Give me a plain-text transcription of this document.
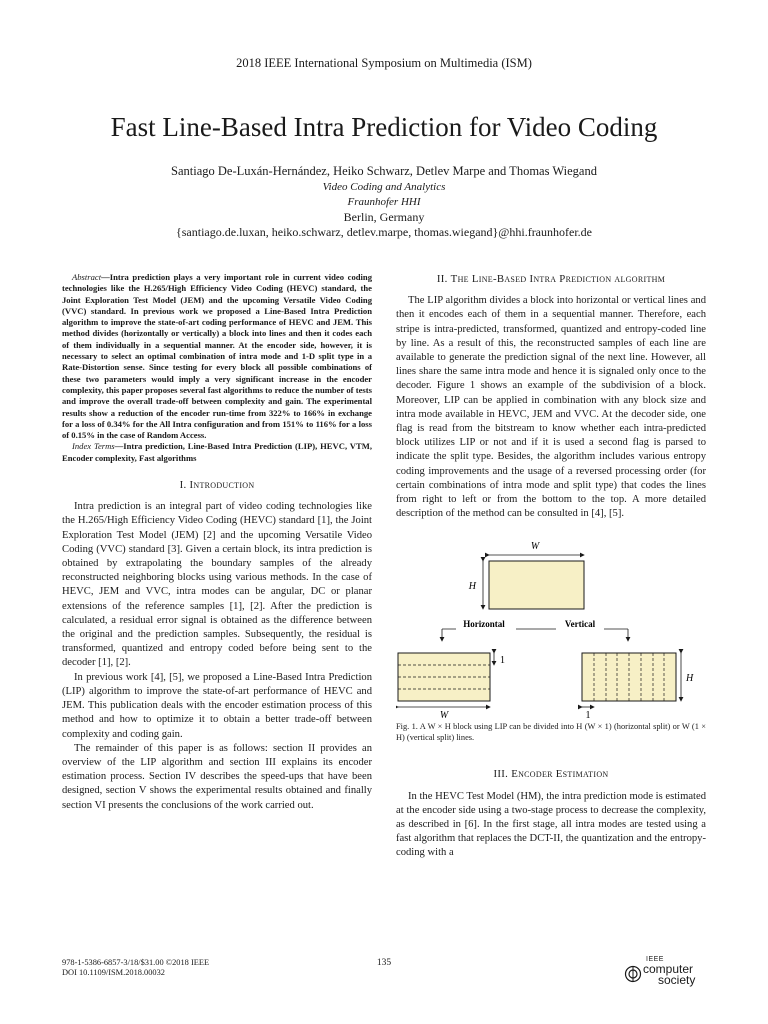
2018 IEEE International Symposium on Multimedia (ISM)
Fast Line-Based Intra Prediction for Video Coding
Santiago De-Luxán-Hernández, Heiko Schwarz, Detlev Marpe and Thomas Wiegand
Video Coding and Analytics
Fraunhofer HHI
Berlin, Germany
{santiago.de.luxan, heiko.schwarz, detlev.marpe, thomas.wiegand}@hhi.fraunhofer.de

Abstract—Intra prediction plays a very important role in current video coding technologies like the H.265/High Efficiency Video Coding (HEVC) standard, the Joint Exploration Test Model (JEM) and the upcoming Versatile Video Coding (VVC) standard. In previous work we proposed a Line-Based Intra Prediction algorithm to improve the state-of-art coding performance of HEVC and JEM. This method divides (horizontally or vertically) a block into lines and then it codes each of them individually in a sequential manner. At the encoder side, however, it is necessary to select an optimal combination of intra mode and 1-D split type in a Rate-Distortion sense. Since testing for every block all possible combinations of these two parameters would imply a very significant increase in the encoder complexity, this paper proposes several fast algorithms to reduce the number of tests and improve the overall trade-off between complexity and gain. The experimental results show a reduction of the encoder run-time from 322% to 166% in exchange for a loss of 0.34% for the All Intra configuration and from 151% to 116% for a loss of 0.15% in the case of Random Access.

Index Terms—Intra prediction, Line-Based Intra Prediction (LIP), HEVC, VTM, Encoder complexity, Fast algorithms

I. Introduction

Intra prediction is an integral part of video coding technologies like the H.265/High Efficiency Video Coding (HEVC) standard [1], the Joint Exploration Test Model (JEM) [2] and the upcoming Versatile Video Coding (VVC) standard [3]. Given a certain block, its intra prediction is obtained by extrapolating the boundary samples of the already reconstructed neighboring blocks using various methods. In the case of HEVC, JEM and VVC, intra modes can be angular, DC or planar extensions of the reference samples [1], [2]. After the prediction is calculated, a residual error signal is obtained as the difference between the original and the prediction samples. Subsequently, the residual is transformed, quantized and entropy coded before being sent to the decoder [1], [2].

In previous work [4], [5], we proposed a Line-Based Intra Prediction (LIP) algorithm to improve the state-of-art performance of HEVC and JEM. This publication deals with the encoder estimation process of this method and how to optimize it to obtain a better trade-off between complexity and coding gain.

The remainder of this paper is as follows: section II provides an overview of the LIP algorithm and section III explains its encoder estimation process. Section IV describes the speed-ups that have been designed, section V shows the experimental results obtained and finally section VI presents the conclusions of the work carried out.

II. The Line-Based Intra Prediction algorithm

The LIP algorithm divides a block into horizontal or vertical lines and then it encodes each of them in a sequential manner. Therefore, each stripe is intra-predicted, transformed, quantized and entropy-coded line by line. As a result of this, the reconstructed samples of each line are available to generate the prediction signal of the next line. However, all lines share the same intra mode and hence it is signaled only once to the decoder. Figure 1 shows an example of the subdivision of a block. Moreover, LIP can be applied in combination with any block size and intra mode available in HEVC, JEM and VVC. At the decoder side, one flag is read from the bitstream to know whether each intra-predicted block utilizes LIP or not and if it is used a second flag is parsed to indicate the split type. Besides, the algorithm includes various entropy coding improvements and the usage of a reversed processing order (for certain combinations of intra mode and split type) that codes the lines from right to left or from the bottom to the top. A more detailed description of the method can be consulted in [4], [5].

W
H
Horizontal	Vertical
1
W
H
1
Fig. 1. A W × H block using LIP can be divided into H (W × 1) (horizontal split) or W (1 × H) (vertical split) lines.
III. Encoder Estimation

In the HEVC Test Model (HM), the intra prediction mode is estimated at the encoder side using a two-stage process to decrease the complexity, as described in [6]. In the first stage, all intra modes are tested using a fast algorithm that replaces the DCT-II, the quantization and the entropy-coding with a

978-1-5386-6857-3/18/$31.00 ©2018 IEEE
DOI 10.1109/ISM.2018.00032
135	IEEE
computer
society
